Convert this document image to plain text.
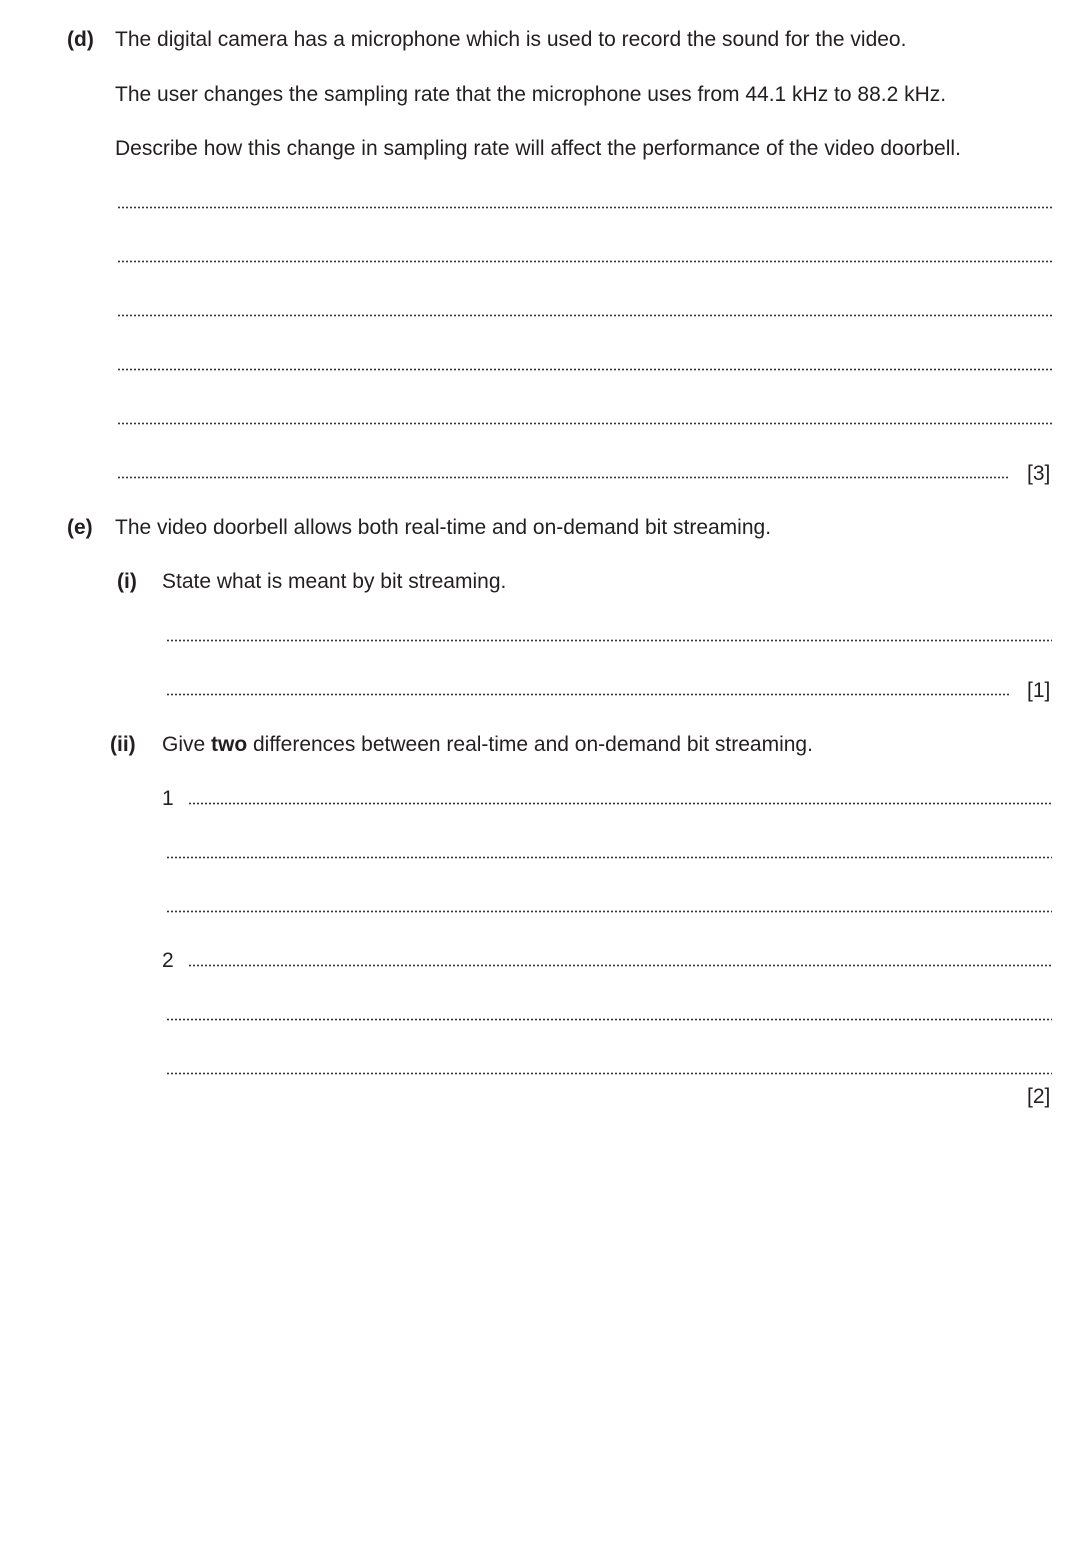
(d) The digital camera has a microphone which is used to record the sound for the video.
The user changes the sampling rate that the microphone uses from 44.1 kHz to 88.2 kHz.
Describe how this change in sampling rate will affect the performance of the video doorbell.
[3]
(e) The video doorbell allows both real-time and on-demand bit streaming.
(i) State what is meant by bit streaming.
[1]
(ii) Give two differences between real-time and on-demand bit streaming.
1
2
[2]
